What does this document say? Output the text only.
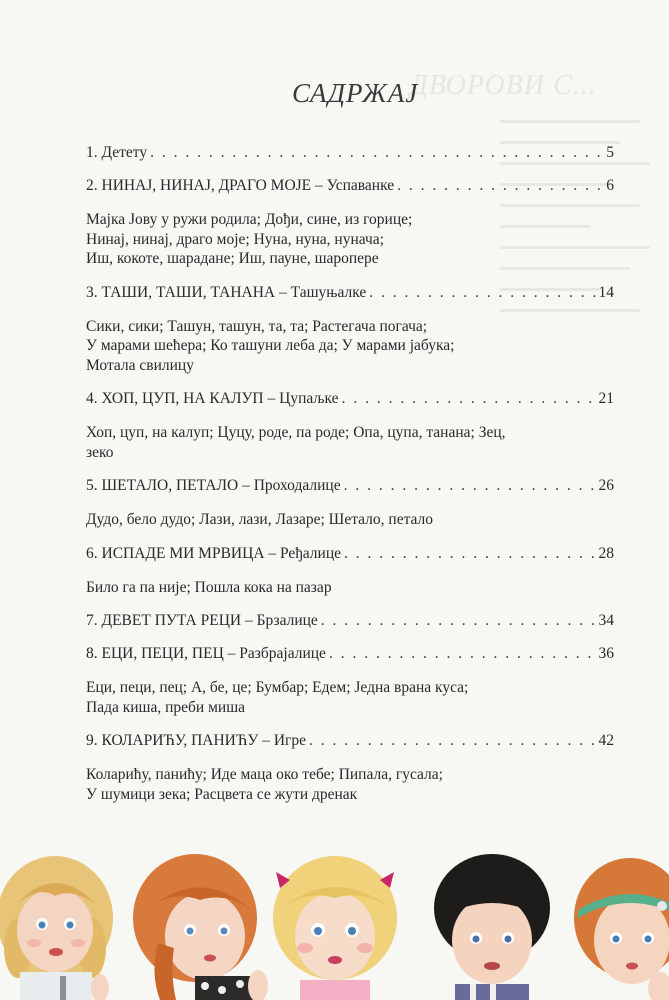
ДВОРОВИ С...
САДРЖАЈ
1. Детету . . .	5
2. НИНАЈ, НИНАЈ, ДРАГО МОЈЕ
– Успаванке . . .	6
Мајка Јову у ружи родила; Дођи, сине, из горице;
Нинај, нинај, драго моје; Нуна, нуна, нунача;
Иш, кокоте, шарадане; Иш, пауне, шаропере
3. ТАШИ, ТАШИ, ТАНАНА
– Ташуњалке . . .	14
Сики, сики; Ташун, ташун, та, та; Растегача погача;
У марами шећера; Ко ташуни леба да; У марами јабука;
Мотала свилицу
4. ХОП, ЦУП, НА КАЛУП
– Цупаљке . . .	21
Хоп, цуп, на калуп; Цуцу, роде, па роде; Опа, цупа, танана; Зец,
зеко
5. ШЕТАЛО, ПЕТАЛО
– Проходалице . . .	26
Дудо, бело дудо; Лази, лази, Лазаре; Шетало, петало
6. ИСПАДЕ МИ МРВИЦА
– Ређалице . . .	28
Било га па није; Пошла кока на пазар
7. ДЕВЕТ ПУТА РЕЦИ
– Брзалице . . .	34
8. ЕЦИ, ПЕЦИ, ПЕЦ
– Разбрајалице . . .	36
Еци, пеци, пец; А, бе, це; Бумбар; Едем; Једна врана куса;
Пада киша, преби миша
9. КОЛАРИЋУ, ПАНИЋУ
– Игре . . .	42
Коларићу, панићу; Иде маца око тебе; Пипала, гусала;
У шумици зека; Расцвета се жути дренак
